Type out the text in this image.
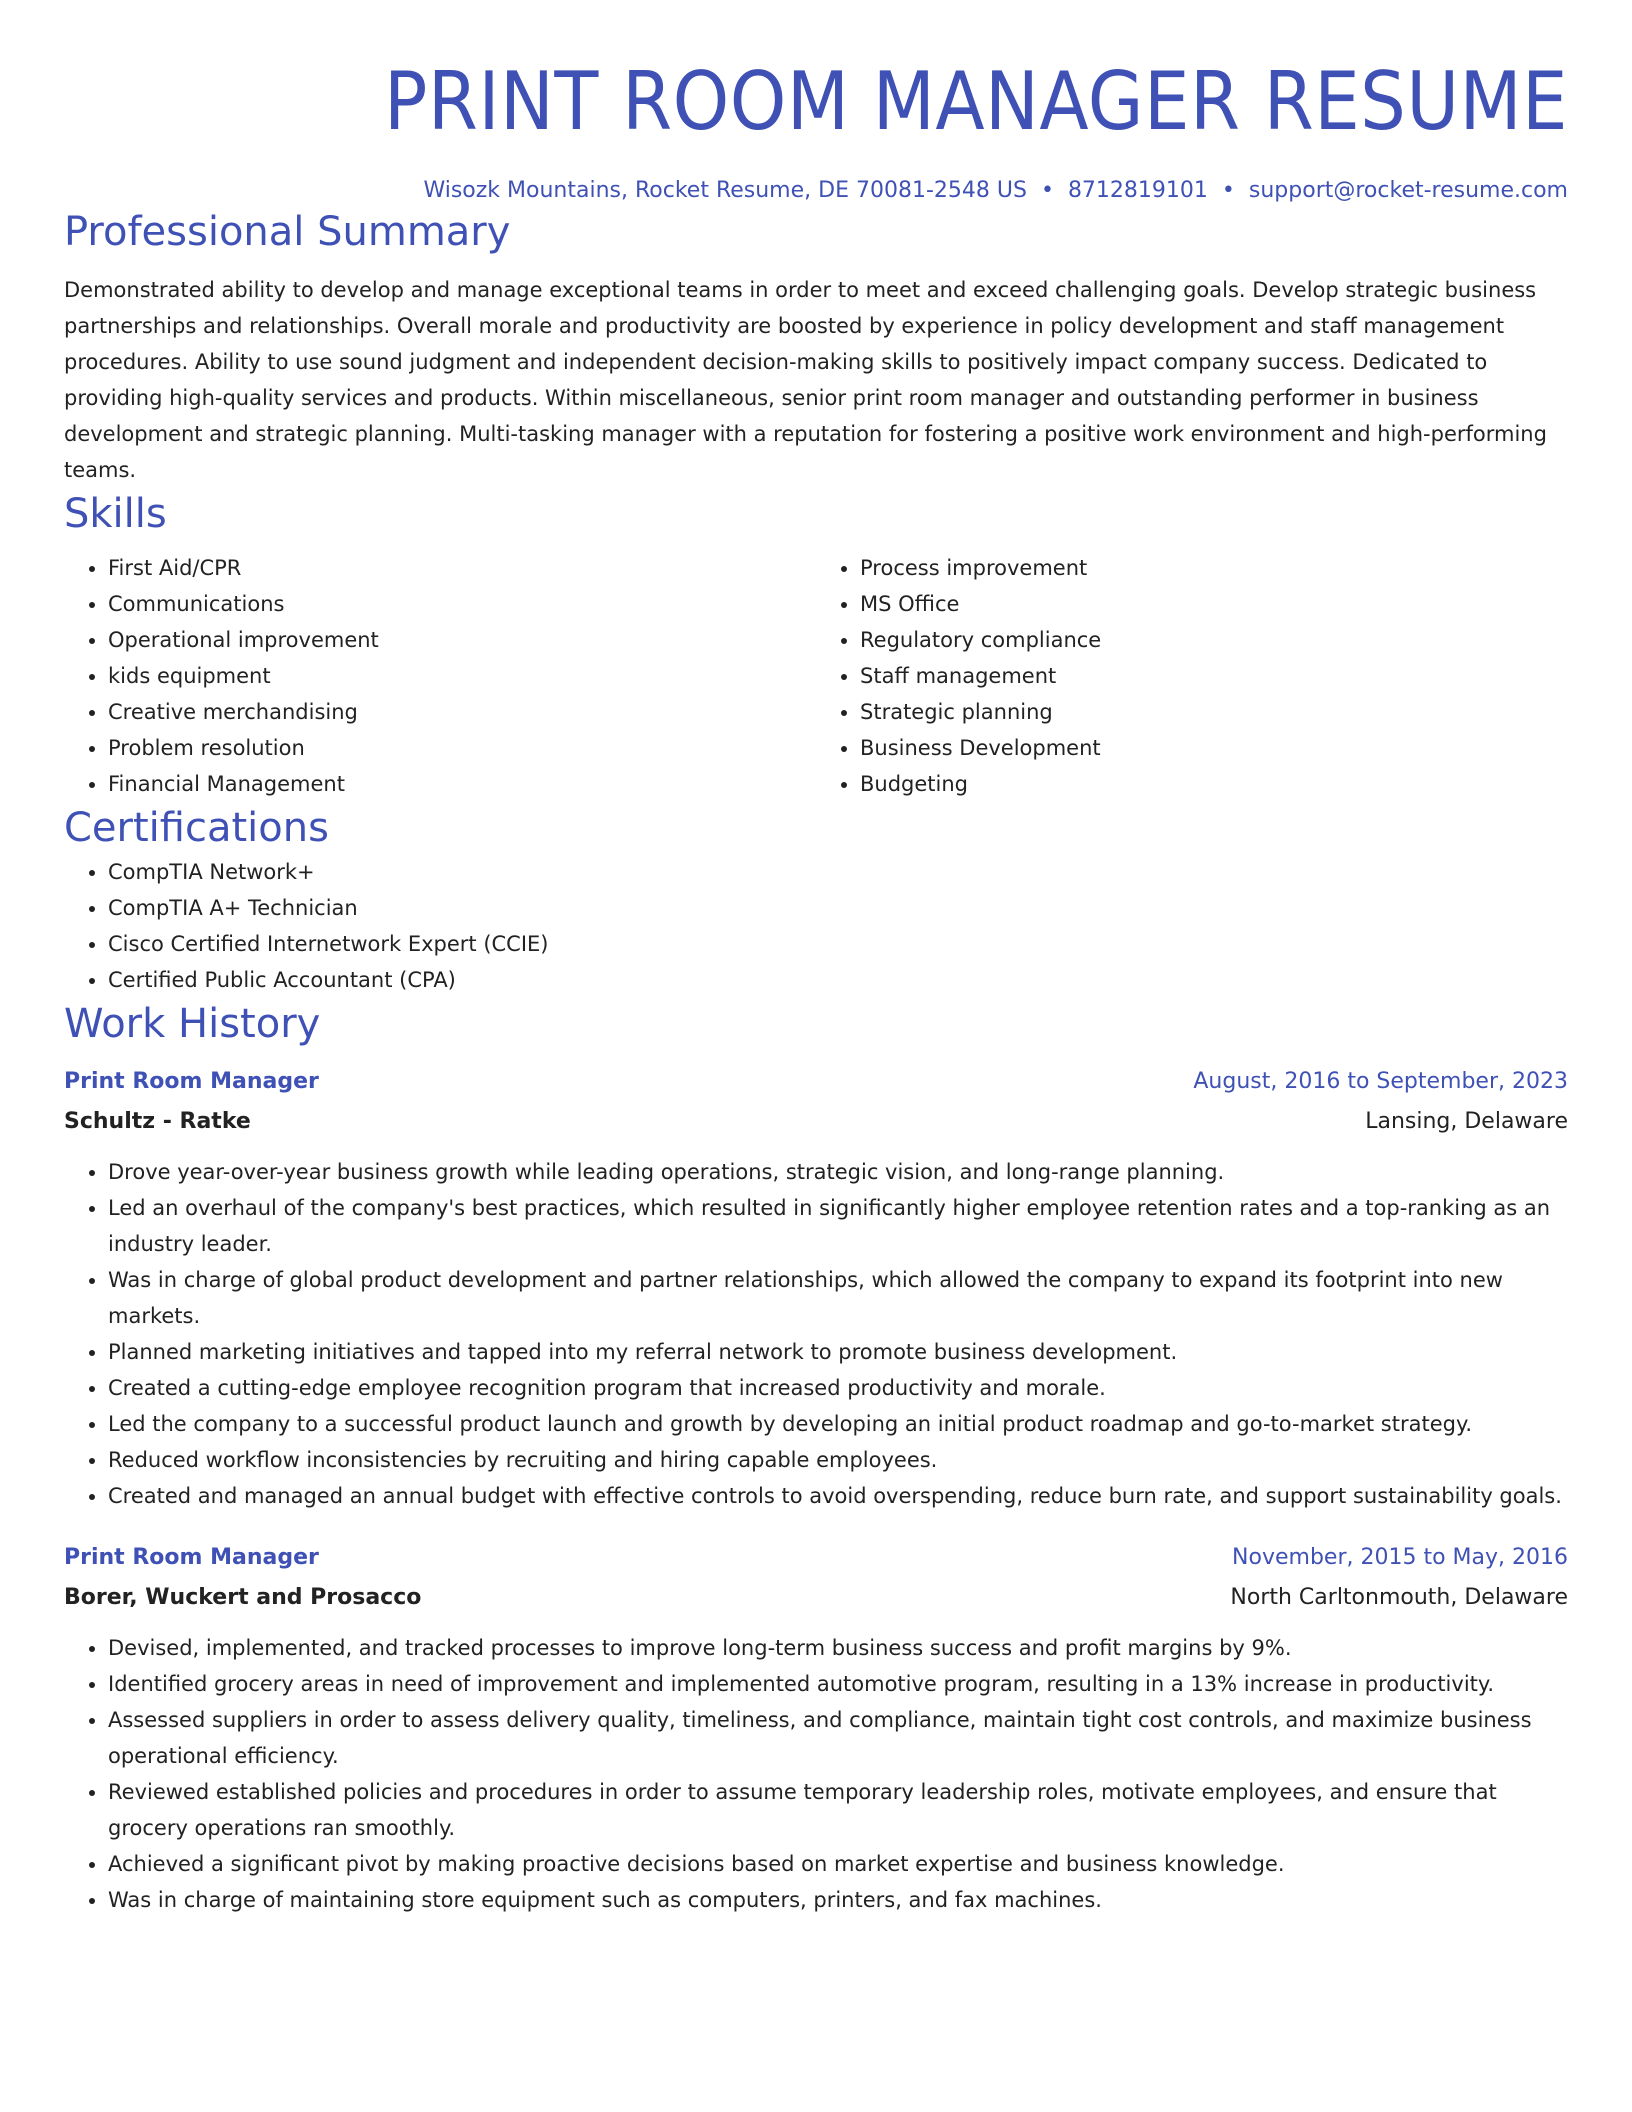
PRINT ROOM MANAGER RESUME
Wisozk Mountains, Rocket Resume, DE 70081-2548 US • 8712819101 • support@rocket-resume.com
Professional Summary

Demonstrated ability to develop and manage exceptional teams in order to meet and exceed challenging goals. Develop strategic business partnerships and relationships. Overall morale and productivity are boosted by experience in policy development and staff management procedures. Ability to use sound judgment and independent decision-making skills to positively impact company success. Dedicated to providing high-quality services and products. Within miscellaneous, senior print room manager and outstanding performer in business development and strategic planning. Multi-tasking manager with a reputation for fostering a positive work environment and high-performing teams.

Skills
• First Aid/CPR
• Communications
• Operational improvement
• kids equipment
• Creative merchandising
• Problem resolution
• Financial Management
• Process improvement
• MS Office
• Regulatory compliance
• Staff management
• Strategic planning
• Business Development
• Budgeting
Certifications
• CompTIA Network+
• CompTIA A+ Technician
• Cisco Certified Internetwork Expert (CCIE)
• Certified Public Accountant (CPA)
Work History
Print Room Manager	August, 2016 to September, 2023
Schultz - Ratke	Lansing, Delaware
• Drove year-over-year business growth while leading operations, strategic vision, and long-range planning.
• Led an overhaul of the company's best practices, which resulted in significantly higher employee retention rates and a top-ranking as an industry leader.
• Was in charge of global product development and partner relationships, which allowed the company to expand its footprint into new markets.
• Planned marketing initiatives and tapped into my referral network to promote business development.
• Created a cutting-edge employee recognition program that increased productivity and morale.
• Led the company to a successful product launch and growth by developing an initial product roadmap and go-to-market strategy.
• Reduced workflow inconsistencies by recruiting and hiring capable employees.
• Created and managed an annual budget with effective controls to avoid overspending, reduce burn rate, and support sustainability goals.
Print Room Manager	November, 2015 to May, 2016
Borer, Wuckert and Prosacco	North Carltonmouth, Delaware
• Devised, implemented, and tracked processes to improve long-term business success and profit margins by 9%.
• Identified grocery areas in need of improvement and implemented automotive program, resulting in a 13% increase in productivity.
• Assessed suppliers in order to assess delivery quality, timeliness, and compliance, maintain tight cost controls, and maximize business operational efficiency.
• Reviewed established policies and procedures in order to assume temporary leadership roles, motivate employees, and ensure that grocery operations ran smoothly.
• Achieved a significant pivot by making proactive decisions based on market expertise and business knowledge.
• Was in charge of maintaining store equipment such as computers, printers, and fax machines.
